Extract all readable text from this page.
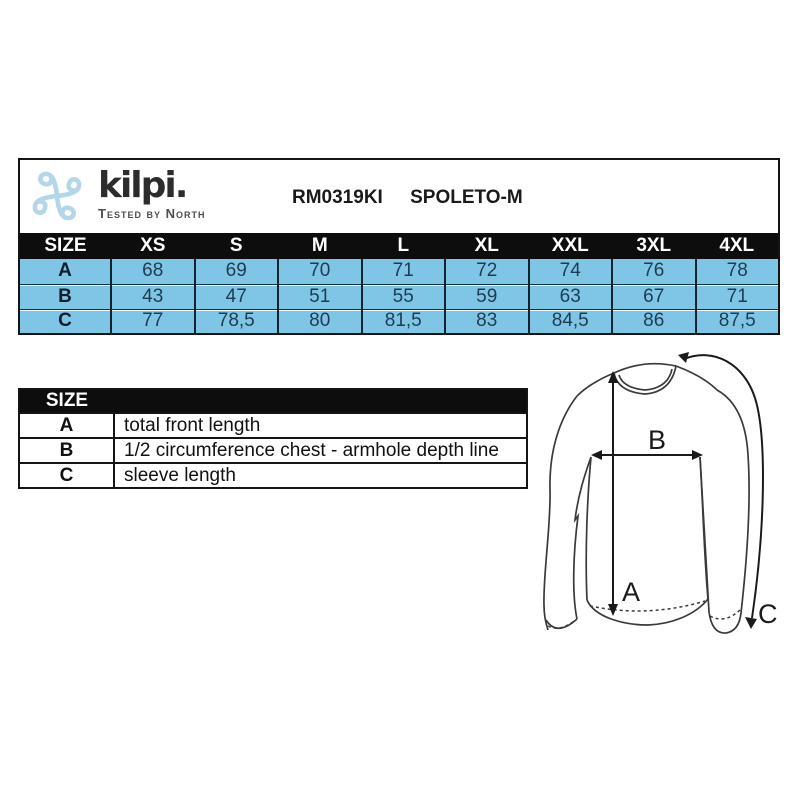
kilpi.
Tested by North
RM0319KI SPOLETO-M								

SIZE	XS	S	M	L	XL	XXL	3XL	4XL
A	68	69	70	71	72	74	76	78
B	43	47	51	55	59	63	67	71
C	77	78,5	80	81,5	83	84,5	86	87,5
SIZE	
A	total front length
B	1/2 circumference chest - armhole depth line
C	sleeve length
A
B
C
